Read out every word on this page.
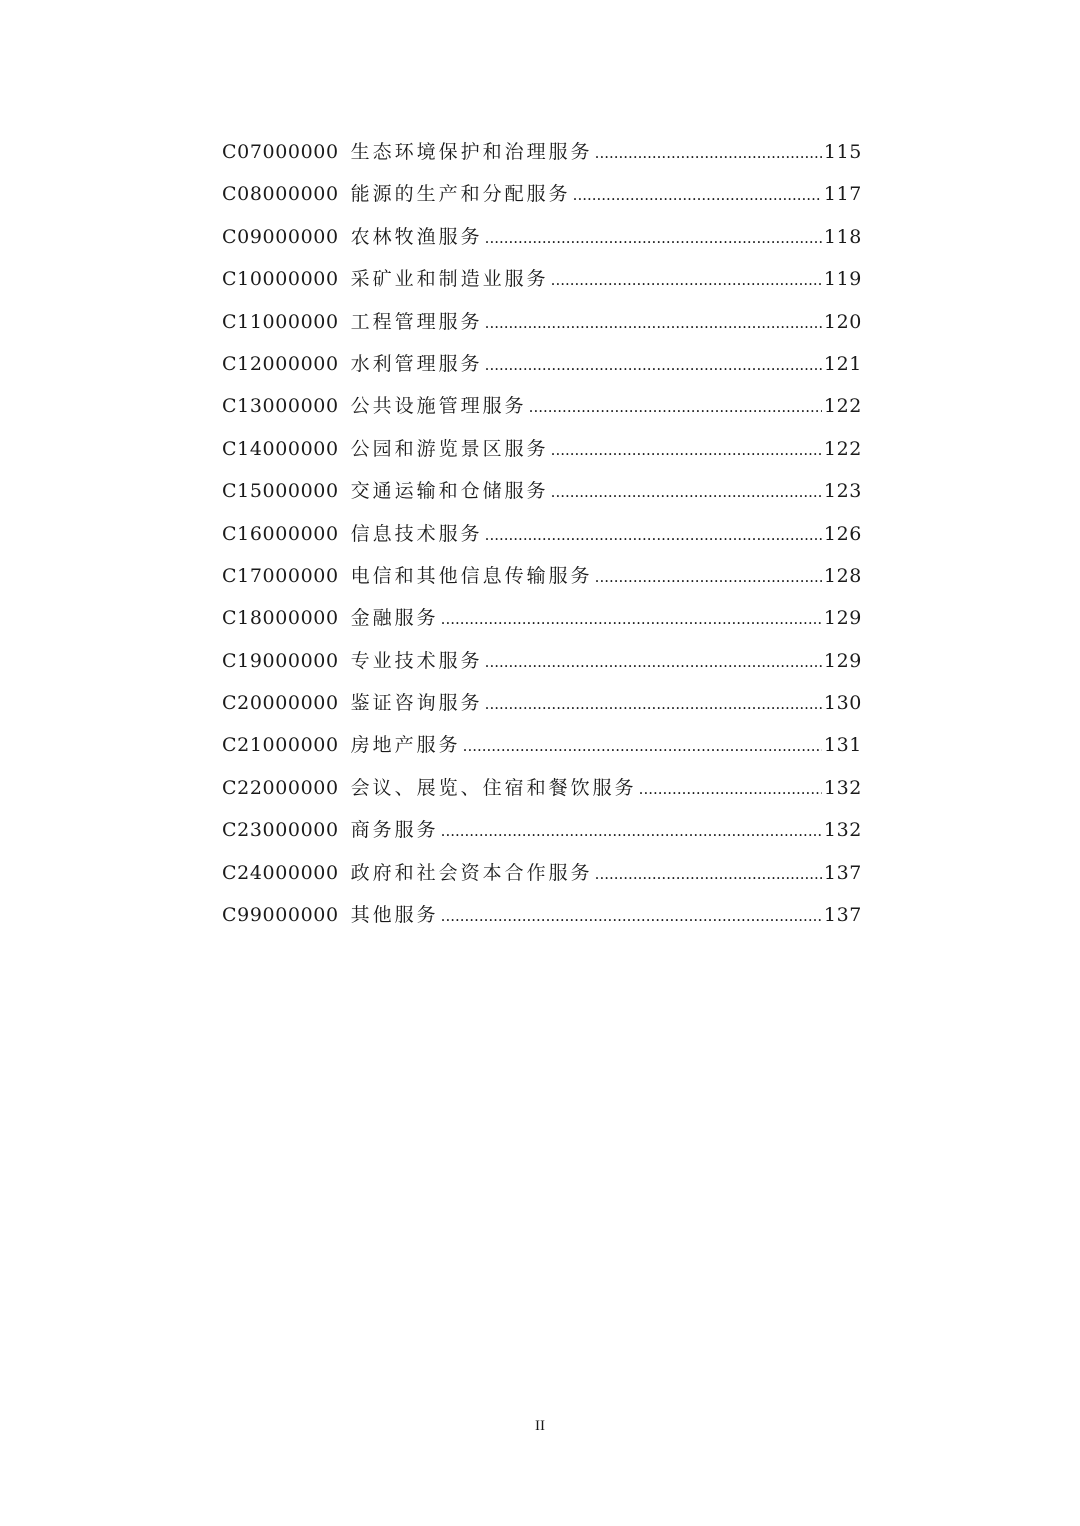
C07000000 生态环境保护和治理服务 .....	115
C08000000 能源的生产和分配服务 .....	117
C09000000 农林牧渔服务 .....	118
C10000000 采矿业和制造业服务 .....	119
C11000000 工程管理服务 .....	120
C12000000 水利管理服务 .....	121
C13000000 公共设施管理服务 .....	122
C14000000 公园和游览景区服务 .....	122
C15000000 交通运输和仓储服务 .....	123
C16000000 信息技术服务 .....	126
C17000000 电信和其他信息传输服务 .....	128
C18000000 金融服务 .....	129
C19000000 专业技术服务 .....	129
C20000000 鉴证咨询服务 .....	130
C21000000 房地产服务 .....	131
C22000000 会议、展览、住宿和餐饮服务 .....	132
C23000000 商务服务 .....	132
C24000000 政府和社会资本合作服务 .....	137
C99000000 其他服务 .....	137
II
